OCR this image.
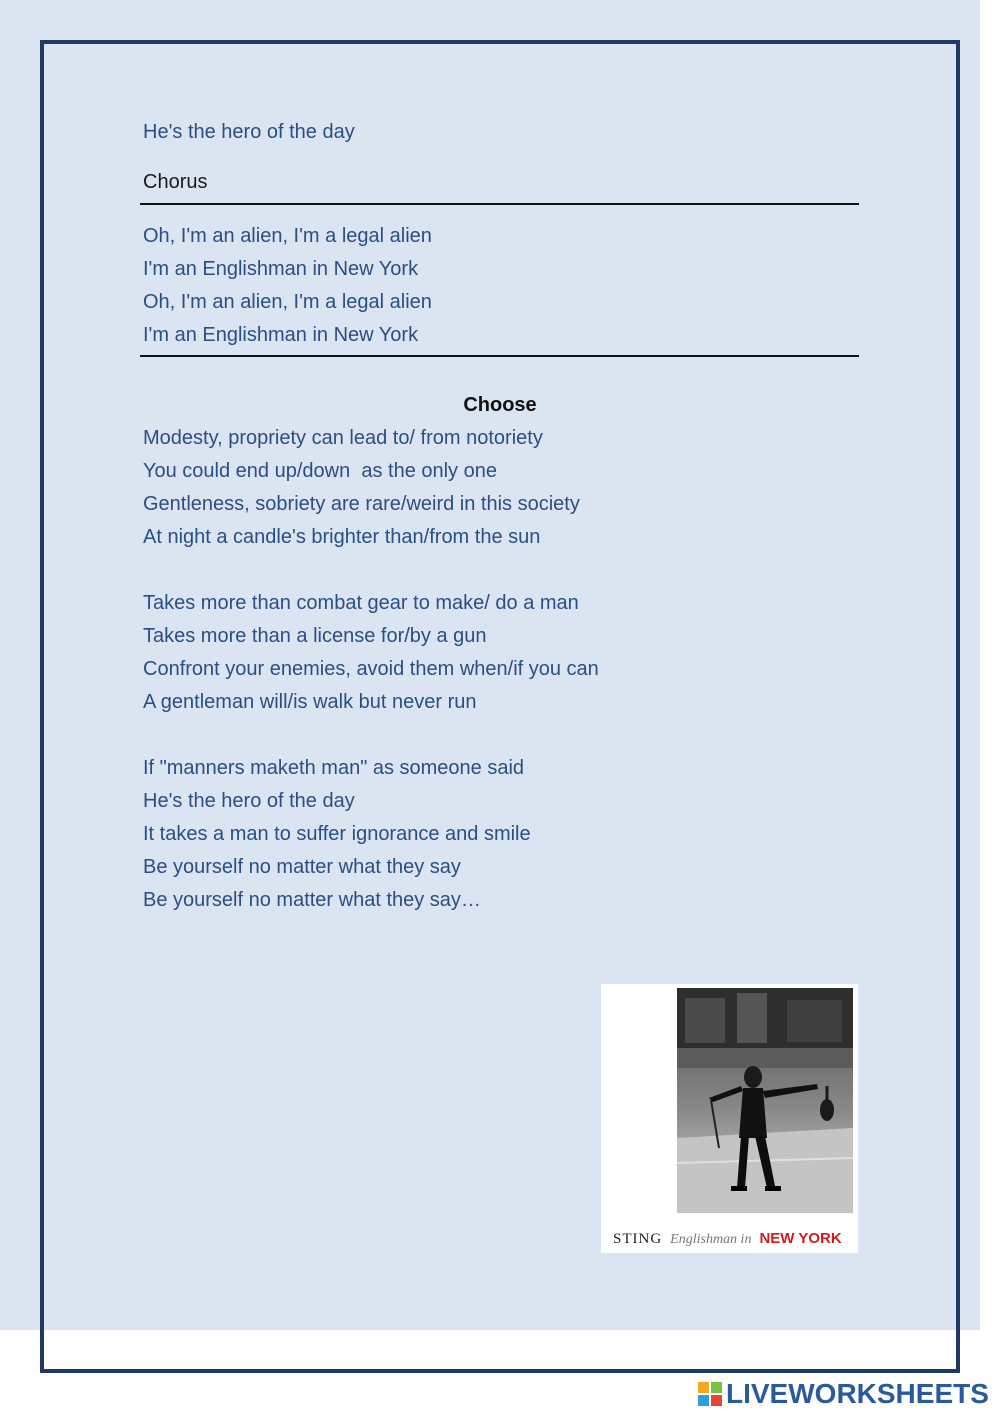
He's the hero of the day

Chorus

Oh, I'm an alien, I'm a legal alien
I'm an Englishman in New York
Oh, I'm an alien, I'm a legal alien
I'm an Englishman in New York
Choose
Modesty, propriety can lead to/ from notoriety
You could end up/down  as the only one
Gentleness, sobriety are rare/weird in this society
At night a candle's brighter than/from the sun
Takes more than combat gear to make/ do a man
Takes more than a license for/by a gun
Confront your enemies, avoid them when/if you can
A gentleman will/is walk but never run
If "manners maketh man" as someone said
He's the hero of the day
It takes a man to suffer ignorance and smile
Be yourself no matter what they say
Be yourself no matter what they say…
STING Englishman in NEW YORK
LIVEWORKSHEETS
